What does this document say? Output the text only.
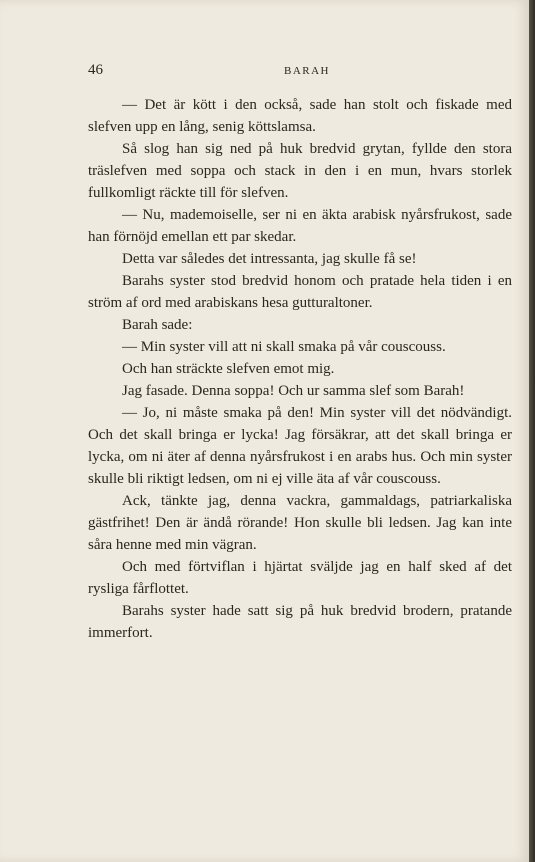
46	BARAH

— Det är kött i den också, sade han stolt och fiskade med slefven upp en lång, senig köttslamsa.

Så slog han sig ned på huk bredvid grytan, fyllde den stora träslefven med soppa och stack in den i en mun, hvars storlek fullkomligt räckte till för slefven.

— Nu, mademoiselle, ser ni en äkta arabisk nyårsfrukost, sade han förnöjd emellan ett par skedar.

Detta var således det intressanta, jag skulle få se!

Barahs syster stod bredvid honom och pratade hela tiden i en ström af ord med arabiskans hesa gutturaltoner.

Barah sade:

— Min syster vill att ni skall smaka på vår couscouss.

Och han sträckte slefven emot mig.

Jag fasade. Denna soppa! Och ur samma slef som Barah!

— Jo, ni måste smaka på den! Min syster vill det nödvändigt. Och det skall bringa er lycka! Jag försäkrar, att det skall bringa er lycka, om ni äter af denna nyårsfrukost i en arabs hus. Och min syster skulle bli riktigt ledsen, om ni ej ville äta af vår couscouss.

Ack, tänkte jag, denna vackra, gammaldags, patriarkaliska gästfrihet! Den är ändå rörande! Hon skulle bli ledsen. Jag kan inte såra henne med min vägran.

Och med förtviflan i hjärtat sväljde jag en half sked af det rysliga fårflottet.

Barahs syster hade satt sig på huk bredvid brodern, pratande immerfort.
